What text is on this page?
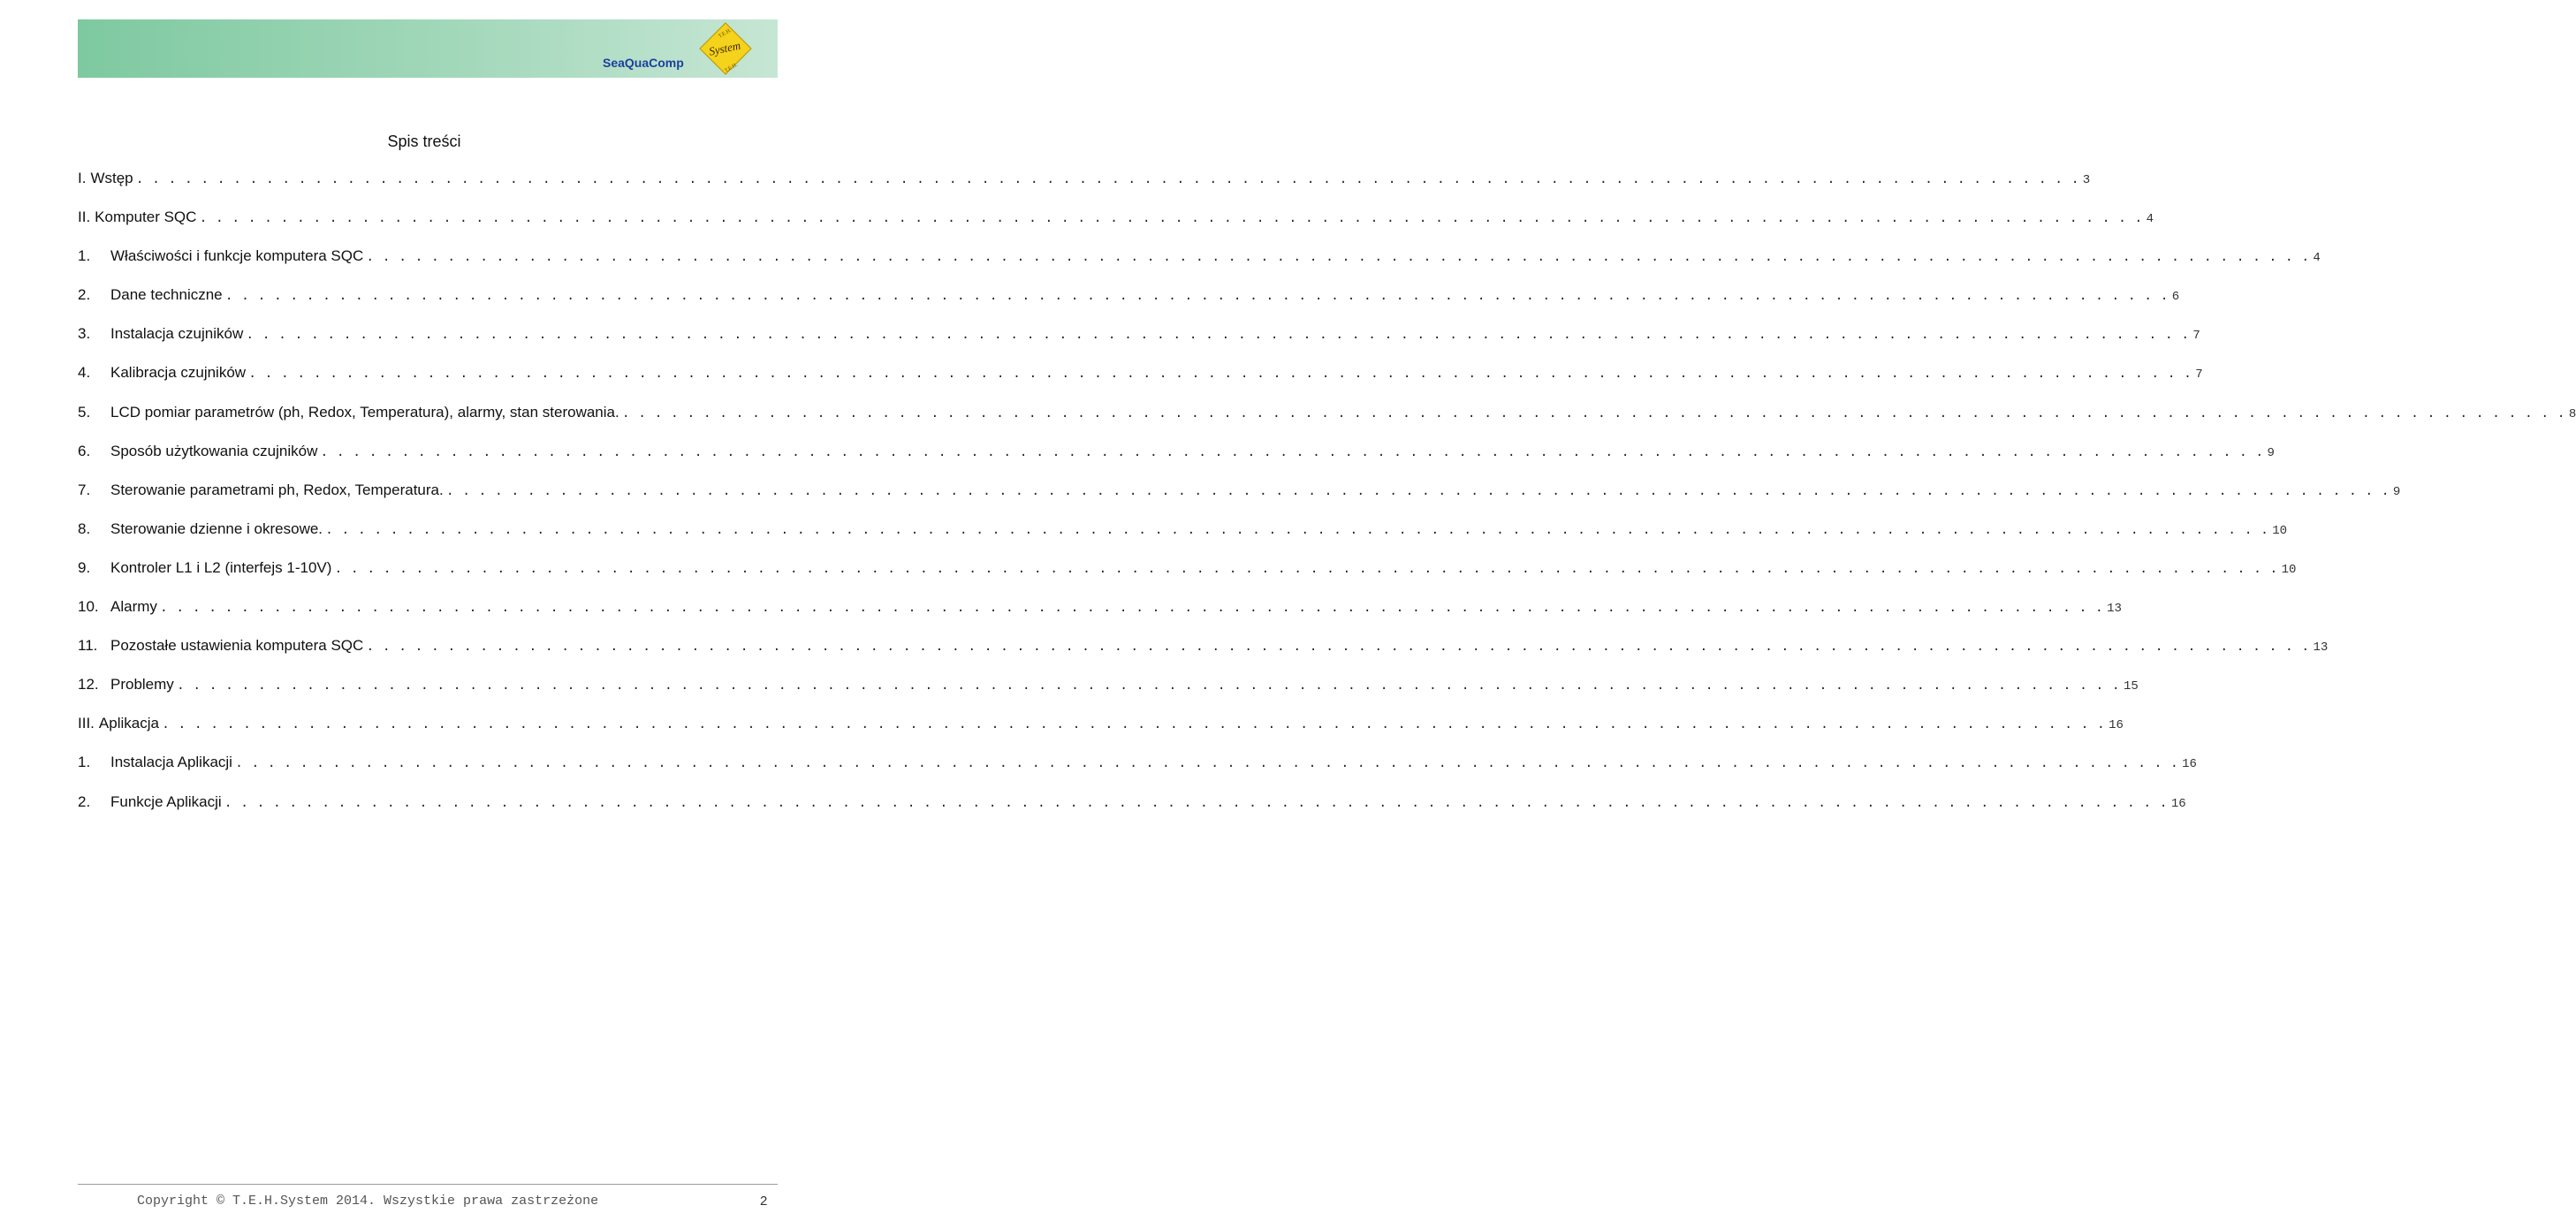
SeaQuaComp
T.E.H.
System
T.E.H.
Spis treści
I. Wstęp . . . . . . . . . . . . . . . . . . . . . . . . . . . . . . . . . . . . . . . . . . . . . . . . . . . . . . . . . . . . . . . . . . . . . . . . . . . . . . . . . . . . . . . . . . . . . . . . . . . . . . . . . . . . . . . . . . . . . . . . 3
II. Komputer SQC . . . . . . . . . . . . . . . . . . . . . . . . . . . . . . . . . . . . . . . . . . . . . . . . . . . . . . . . . . . . . . . . . . . . . . . . . . . . . . . . . . . . . . . . . . . . . . . . . . . . . . . . . . . . . . . . . . . . . . . . 4
1. Właściwości i funkcje komputera SQC . . . . . . . . . . . . . . . . . . . . . . . . . . . . . . . . . . . . . . . . . . . . . . . . . . . . . . . . . . . . . . . . . . . . . . . . . . . . . . . . . . . . . . . . . . . . . . . . . . . . . . . . . . . . . . . . . . . . . . . . 4
2. Dane techniczne . . . . . . . . . . . . . . . . . . . . . . . . . . . . . . . . . . . . . . . . . . . . . . . . . . . . . . . . . . . . . . . . . . . . . . . . . . . . . . . . . . . . . . . . . . . . . . . . . . . . . . . . . . . . . . . . . . . . . . . . 6
3. Instalacja czujników . . . . . . . . . . . . . . . . . . . . . . . . . . . . . . . . . . . . . . . . . . . . . . . . . . . . . . . . . . . . . . . . . . . . . . . . . . . . . . . . . . . . . . . . . . . . . . . . . . . . . . . . . . . . . . . . . . . . . . . . 7
4. Kalibracja czujników . . . . . . . . . . . . . . . . . . . . . . . . . . . . . . . . . . . . . . . . . . . . . . . . . . . . . . . . . . . . . . . . . . . . . . . . . . . . . . . . . . . . . . . . . . . . . . . . . . . . . . . . . . . . . . . . . . . . . . . . 7
5. LCD pomiar parametrów (ph, Redox, Temperatura), alarmy, stan sterowania. . . . . . . . . . . . . . . . . . . . . . . . . . . . . . . . . . . . . . . . . . . . . . . . . . . . . . . . . . . . . . . . . . . . . . . . . . . . . . . . . . . . . . . . . . . . . . . . . . . . . . . . . . . . . . . . . . . . . . . . . 8
6. Sposób użytkowania czujników . . . . . . . . . . . . . . . . . . . . . . . . . . . . . . . . . . . . . . . . . . . . . . . . . . . . . . . . . . . . . . . . . . . . . . . . . . . . . . . . . . . . . . . . . . . . . . . . . . . . . . . . . . . . . . . . . . . . . . . . 9
7. Sterowanie parametrami ph, Redox, Temperatura. . . . . . . . . . . . . . . . . . . . . . . . . . . . . . . . . . . . . . . . . . . . . . . . . . . . . . . . . . . . . . . . . . . . . . . . . . . . . . . . . . . . . . . . . . . . . . . . . . . . . . . . . . . . . . . . . . . . . . . . . 9
8. Sterowanie dzienne i okresowe. . . . . . . . . . . . . . . . . . . . . . . . . . . . . . . . . . . . . . . . . . . . . . . . . . . . . . . . . . . . . . . . . . . . . . . . . . . . . . . . . . . . . . . . . . . . . . . . . . . . . . . . . . . . . . . . . . . . . . . . . 10
9. Kontroler L1 i L2 (interfejs 1-10V) . . . . . . . . . . . . . . . . . . . . . . . . . . . . . . . . . . . . . . . . . . . . . . . . . . . . . . . . . . . . . . . . . . . . . . . . . . . . . . . . . . . . . . . . . . . . . . . . . . . . . . . . . . . . . . . . . . . . . . . . 10
10. Alarmy . . . . . . . . . . . . . . . . . . . . . . . . . . . . . . . . . . . . . . . . . . . . . . . . . . . . . . . . . . . . . . . . . . . . . . . . . . . . . . . . . . . . . . . . . . . . . . . . . . . . . . . . . . . . . . . . . . . . . . . . 13
11. Pozostałe ustawienia komputera SQC . . . . . . . . . . . . . . . . . . . . . . . . . . . . . . . . . . . . . . . . . . . . . . . . . . . . . . . . . . . . . . . . . . . . . . . . . . . . . . . . . . . . . . . . . . . . . . . . . . . . . . . . . . . . . . . . . . . . . . . . 13
12. Problemy . . . . . . . . . . . . . . . . . . . . . . . . . . . . . . . . . . . . . . . . . . . . . . . . . . . . . . . . . . . . . . . . . . . . . . . . . . . . . . . . . . . . . . . . . . . . . . . . . . . . . . . . . . . . . . . . . . . . . . . . 15
III. Aplikacja . . . . . . . . . . . . . . . . . . . . . . . . . . . . . . . . . . . . . . . . . . . . . . . . . . . . . . . . . . . . . . . . . . . . . . . . . . . . . . . . . . . . . . . . . . . . . . . . . . . . . . . . . . . . . . . . . . . . . . . . 16
1. Instalacja Aplikacji . . . . . . . . . . . . . . . . . . . . . . . . . . . . . . . . . . . . . . . . . . . . . . . . . . . . . . . . . . . . . . . . . . . . . . . . . . . . . . . . . . . . . . . . . . . . . . . . . . . . . . . . . . . . . . . . . . . . . . . . 16
2. Funkcje Aplikacji . . . . . . . . . . . . . . . . . . . . . . . . . . . . . . . . . . . . . . . . . . . . . . . . . . . . . . . . . . . . . . . . . . . . . . . . . . . . . . . . . . . . . . . . . . . . . . . . . . . . . . . . . . . . . . . . . . . . . . . . 16
Copyright © T.E.H.System 2014. Wszystkie prawa zastrzeżone	2
